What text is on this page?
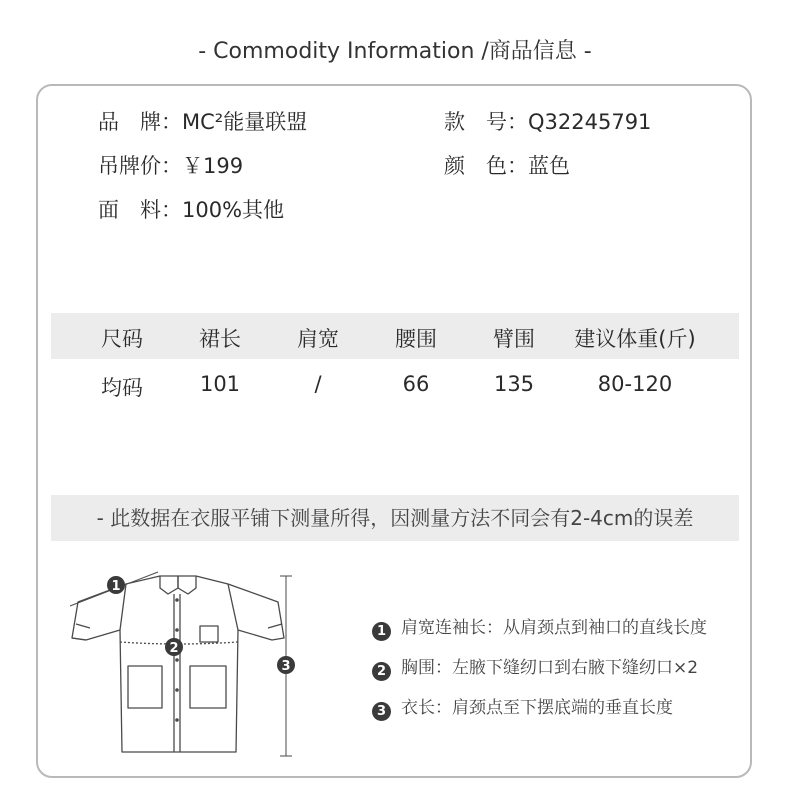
- Commodity Information /商品信息 -
品　牌：MC²能量联盟	款　号：Q32245791
吊牌价：￥199	颜　色：蓝色
面　料：100%其他
尺码	裙长	肩宽	腰围	臂围	建议体重(斤)
均码	101	/	66	135	80-120
- 此数据在衣服平铺下测量所得，因测量方法不同会有2-4cm的误差
1
2
3
1 肩宽连袖长：从肩颈点到袖口的直线长度
2 胸围：左腋下缝纫口到右腋下缝纫口×2
3 衣长：肩颈点至下摆底端的垂直长度
